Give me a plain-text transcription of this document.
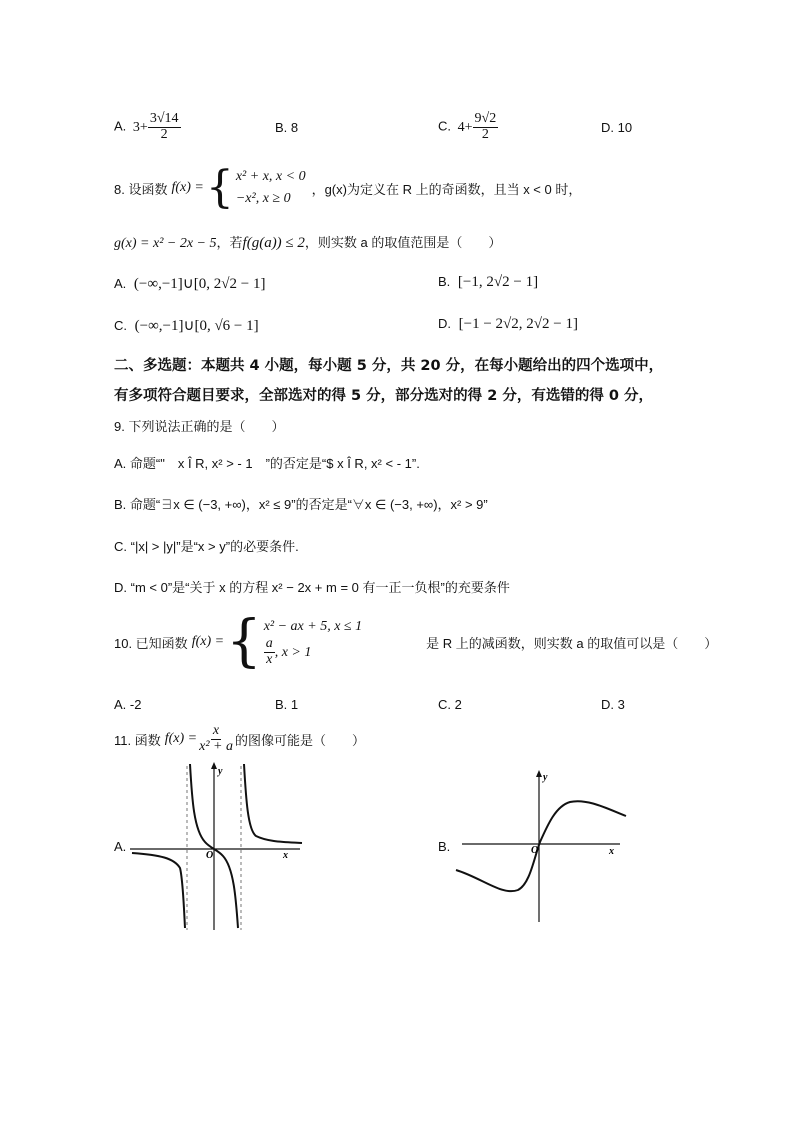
A. $3+ \frac{3√14}{2}$	B. 8	C. $4+ \frac{9√2}{2}$	D. 10
8. 设函数 f(x) = { x² + x, x < 0
−x², x ≥ 0
，g(x)为定义在 R 上的奇函数，且当 x < 0 时，
g(x) = x² − 2x − 5，若f(g(a)) ≤ 2，则实数 a 的取值范围是（　　）
A. (−∞,−1]∪[0, 2√2 − 1]	B. [−1, 2√2 − 1]
C. (−∞,−1]∪[0, √6 − 1]	D. [−1 − 2√2, 2√2 − 1]
二、多选题：本题共 4 小题，每小题 5 分，共 20 分，在每小题给出的四个选项中，
有多项符合题目要求，全部选对的得 5 分，部分选对的得 2 分，有选错的得 0 分，
9. 下列说法正确的是（　　）
A. 命题“"　x Î R, x² > - 1　”的否定是“$ x Î R, x² < - 1”.
B. 命题“∃x ∈ (−3, +∞)，x² ≤ 9”的否定是“∀x ∈ (−3, +∞)，x² > 9”
C. “|x| > |y|”是“x > y”的必要条件.
D. “m < 0”是“关于 x 的方程 x² − 2x + m = 0 有一正一负根”的充要条件
10. 已知函数 f(x) = { x² − ax + 5, x ≤ 1
$\frac{a}{x}$ , x > 1
是 R 上的减函数，则实数 a 的取值可以是（　　）
A. -2	B. 1	C. 2	D. 3
11. 函数 $f(x) = \frac{x}{\text{x² + a}}$ 的图像可能是（　　）
A.	B.
y
x
O
y
x
O
